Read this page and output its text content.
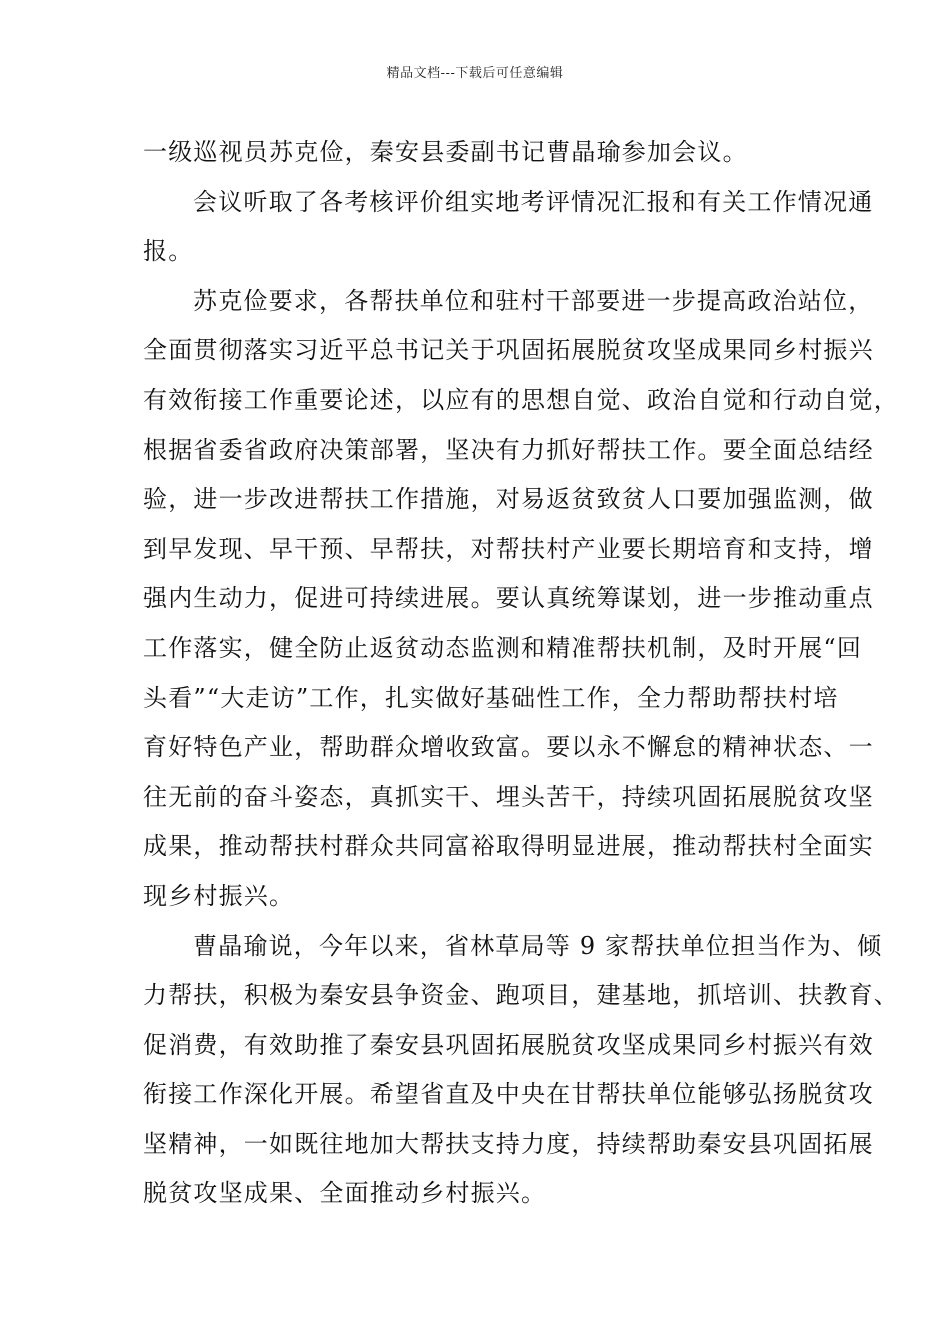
精品文档---下载后可任意编辑

一级巡视员苏克俭，秦安县委副书记曹晶瑜参加会议。

会议听取了各考核评价组实地考评情况汇报和有关工作情况通
报。

苏克俭要求，各帮扶单位和驻村干部要进一步提高政治站位，
全面贯彻落实习近平总书记关于巩固拓展脱贫攻坚成果同乡村振兴
有效衔接工作重要论述，以应有的思想自觉、政治自觉和行动自觉，
根据省委省政府决策部署，坚决有力抓好帮扶工作。要全面总结经
验，进一步改进帮扶工作措施，对易返贫致贫人口要加强监测，做
到早发现、早干预、早帮扶，对帮扶村产业要长期培育和支持，增
强内生动力，促进可持续进展。要认真统筹谋划，进一步推动重点
工作落实，健全防止返贫动态监测和精准帮扶机制，及时开展“回
头看”“大走访”工作，扎实做好基础性工作，全力帮助帮扶村培
育好特色产业，帮助群众增收致富。要以永不懈怠的精神状态、一
往无前的奋斗姿态，真抓实干、埋头苦干，持续巩固拓展脱贫攻坚
成果，推动帮扶村群众共同富裕取得明显进展，推动帮扶村全面实
现乡村振兴。

曹晶瑜说，今年以来，省林草局等 9 家帮扶单位担当作为、倾
力帮扶，积极为秦安县争资金、跑项目，建基地，抓培训、扶教育、
促消费，有效助推了秦安县巩固拓展脱贫攻坚成果同乡村振兴有效
衔接工作深化开展。希望省直及中央在甘帮扶单位能够弘扬脱贫攻
坚精神，一如既往地加大帮扶支持力度，持续帮助秦安县巩固拓展
脱贫攻坚成果、全面推动乡村振兴。
